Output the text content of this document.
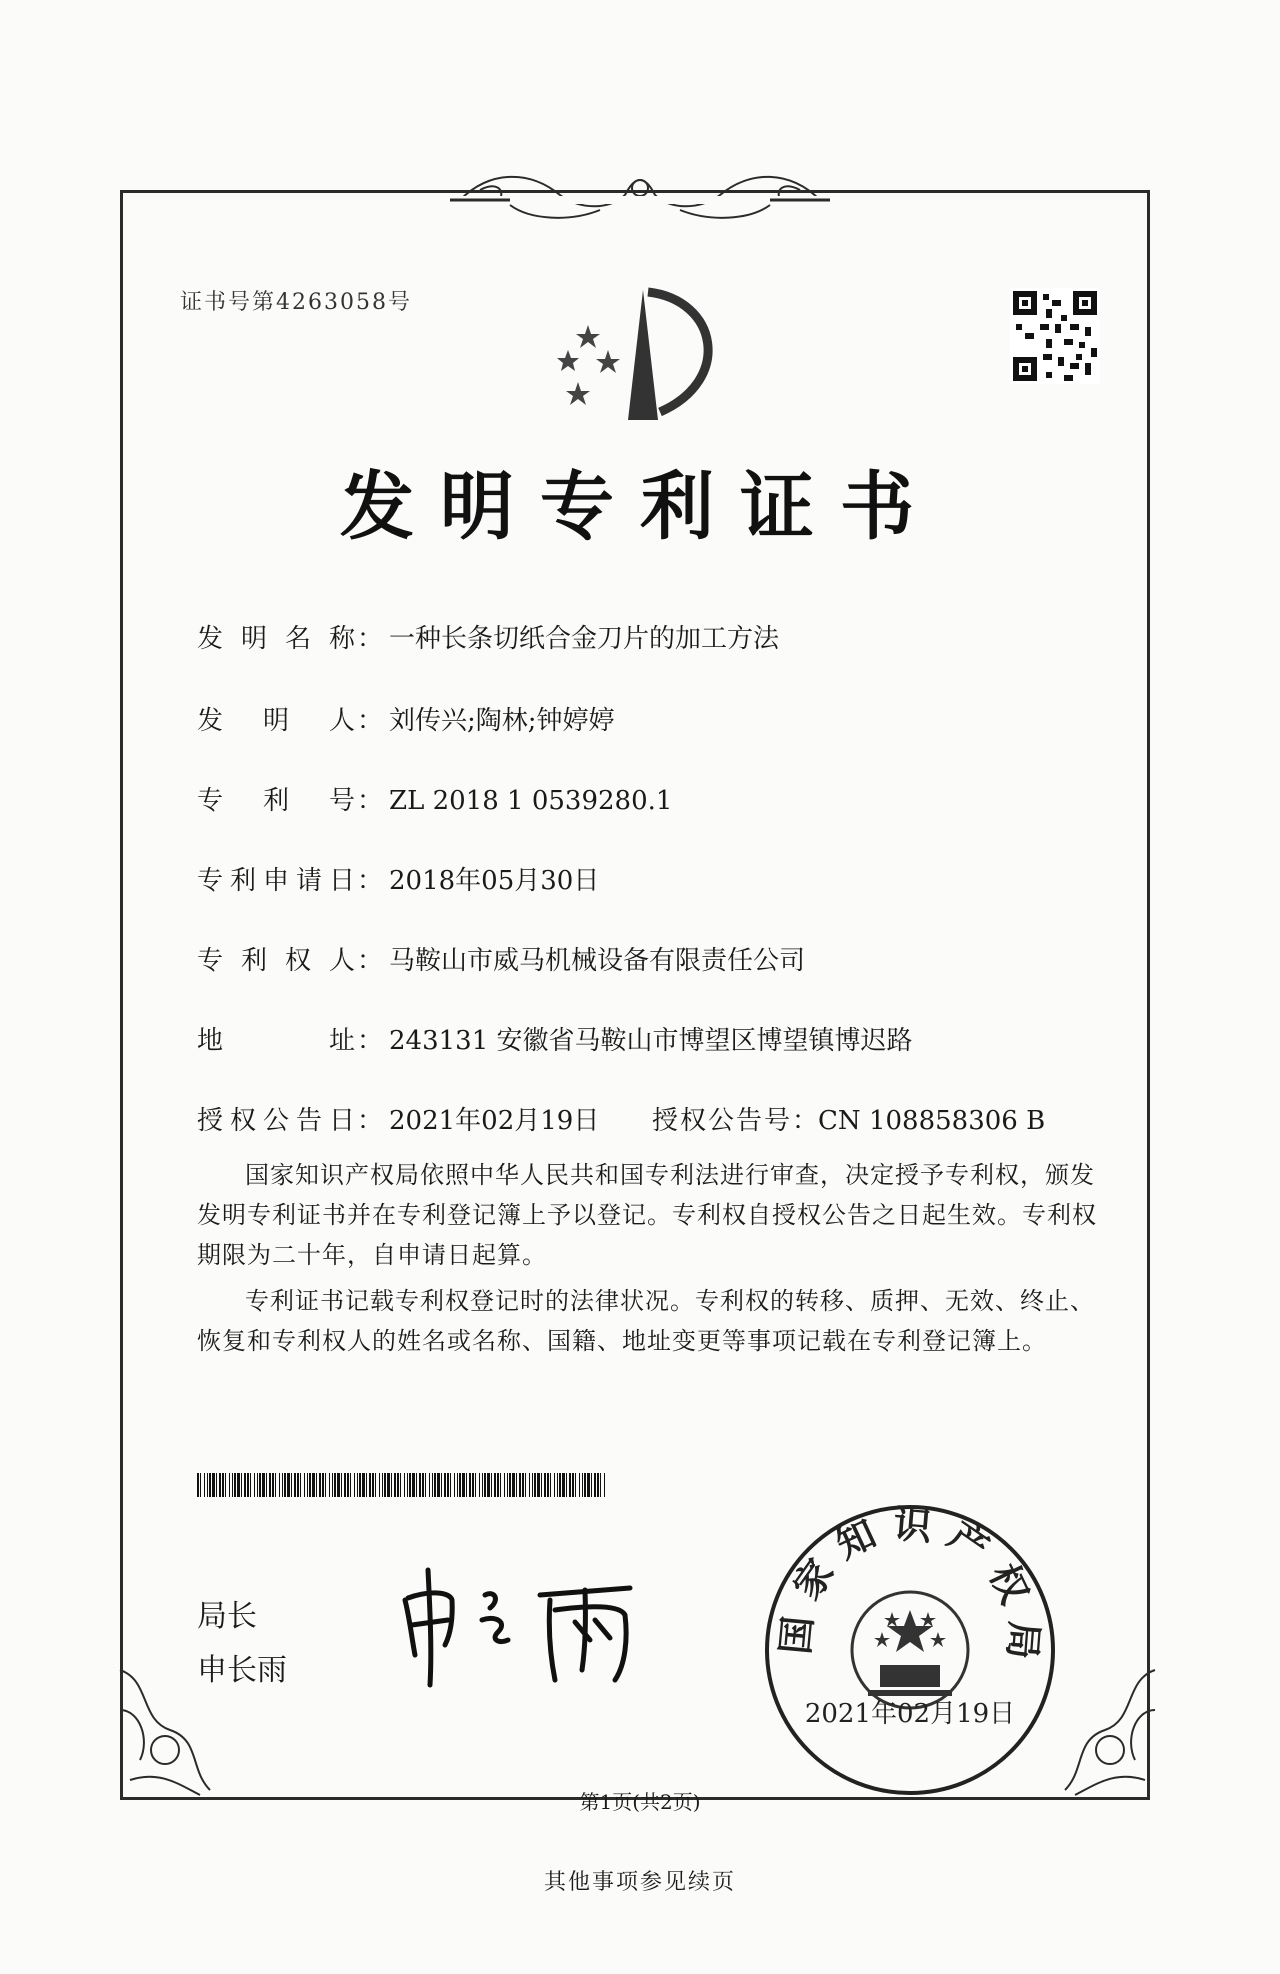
证书号第4263058号
发明专利证书
发明名称： 一种长条切纸合金刀片的加工方法
发明人： 刘传兴;陶林;钟婷婷
专利号： ZL 2018 1 0539280.1
专利申请日： 2018年05月30日
专利权人： 马鞍山市威马机械设备有限责任公司
地址： 243131 安徽省马鞍山市博望区博望镇博迟路
授权公告日： 2021年02月19日 授权公告号：CN 108858306 B

国家知识产权局依照中华人民共和国专利法进行审查，决定授予专利权，颁发发明专利证书并在专利登记簿上予以登记。专利权自授权公告之日起生效。专利权期限为二十年，自申请日起算。

专利证书记载专利权登记时的法律状况。专利权的转移、质押、无效、终止、恢复和专利权人的姓名或名称、国籍、地址变更等事项记载在专利登记簿上。

局长
申长雨
国家知识产权局
2021年02月19日
第1页(共2页)
其他事项参见续页
